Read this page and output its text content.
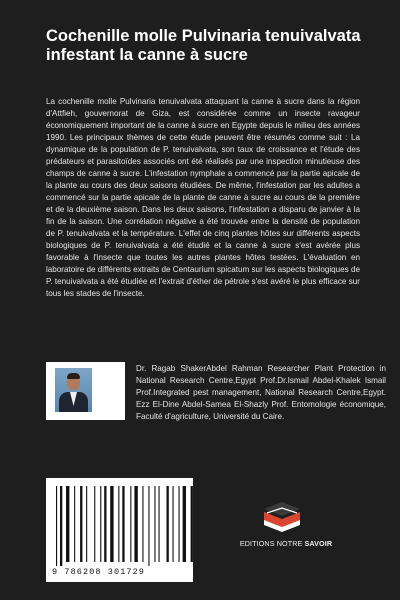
Cochenille molle Pulvinaria tenuivalvata infestant la canne à sucre
La cochenille molle Pulvinaria tenuivalvata attaquant la canne à sucre dans la région d'Attfieh, gouvernorat de Giza, est considérée comme un insecte ravageur économiquement important de la canne à sucre en Egypte depuis le milieu des années 1990. Les principaux thèmes de cette étude peuvent être résumés comme suit : La dynamique de la population de P. tenuivalvata, son taux de croissance et l'étude des prédateurs et parasitoïdes associés ont été réalisés par une inspection minutieuse des champs de canne à sucre. L'infestation nymphale a commencé par la partie apicale de la plante au cours des deux saisons étudiées. De même, l'infestation par les adultes a commencé sur la partie apicale de la plante de canne à sucre au cours de la première et de la deuxième saison. Dans les deux saisons, l'infestation a disparu de janvier à la fin de la saison. Une corrélation négative a été trouvée entre la densité de population de P. tenuivalvata et la température. L'effet de cinq plantes hôtes sur différents aspects biologiques de P. tenuivalvata a été étudié et la canne à sucre s'est avérée plus favorable à l'insecte que toutes les autres plantes hôtes testées. L'évaluation en laboratoire de différents extraits de Centaurium spicatum sur les aspects biologiques de P. tenuivalvata a été étudiée et l'extrait d'éther de pétrole s'est avéré le plus efficace sur tous les stades de l'insecte.
Dr. Ragab ShakerAbdel Rahman Researcher Plant Protection in National Research Centre,Egypt Prof.Dr.Ismail Abdel-Khalek Ismail Prof.Integrated pest management, National Research Centre,Egypt. Ezz El-Dine Abdel-Samea El-Shazly Prof. Entomologie économique, Faculté d'agriculture, Université du Caire.
9 786208 301729
EDITIONS NOTRE SAVOIR
